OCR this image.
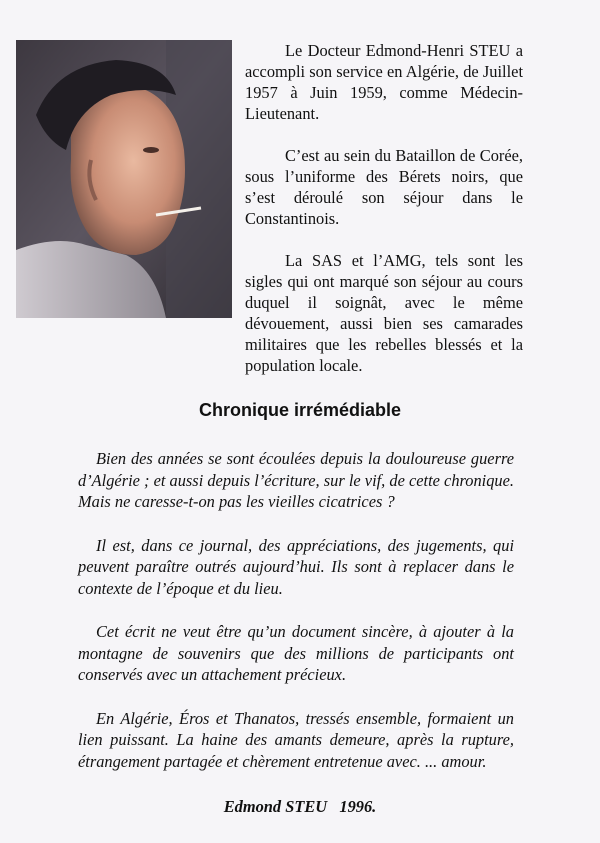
Le Docteur Edmond-Henri STEU a accompli son service en Algérie, de Juillet 1957 à Juin 1959, comme Médecin-Lieutenant.

C’est au sein du Bataillon de Corée, sous l’uniforme des Bérets noirs, que s’est déroulé son séjour dans le Constantinois.

La SAS et l’AMG, tels sont les sigles qui ont marqué son séjour au cours duquel il soignât, avec le même dévouement, aussi bien ses camarades militaires que les rebelles blessés et la population locale.

Chronique irrémédiable

Bien des années se sont écoulées depuis la douloureuse guerre d’Algérie ; et aussi depuis l’écriture, sur le vif, de cette chronique. Mais ne caresse-t-on pas les vieilles cicatrices ?

Il est, dans ce journal, des appréciations, des jugements, qui peuvent paraître outrés aujourd’hui. Ils sont à replacer dans le contexte de l’époque et du lieu.

Cet écrit ne veut être qu’un document sincère, à ajouter à la montagne de souvenirs que des millions de participants ont conservés avec un attachement précieux.

En Algérie, Éros et Thanatos, tressés ensemble, formaient un lien puissant. La haine des amants demeure, après la rupture, étrangement partagée et chèrement entretenue avec. ... amour.

Edmond STEU   1996.
